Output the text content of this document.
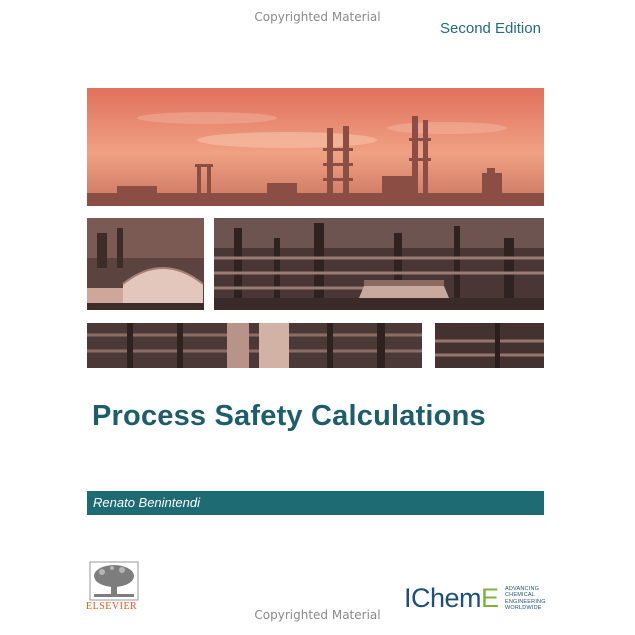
Copyrighted Material
Second Edition
Process Safety Calculations
Renato Benintendi
ELSEVIER	IChemE ADVANCING
CHEMICAL
ENGINEERING
WORLDWIDE
Copyrighted Material
